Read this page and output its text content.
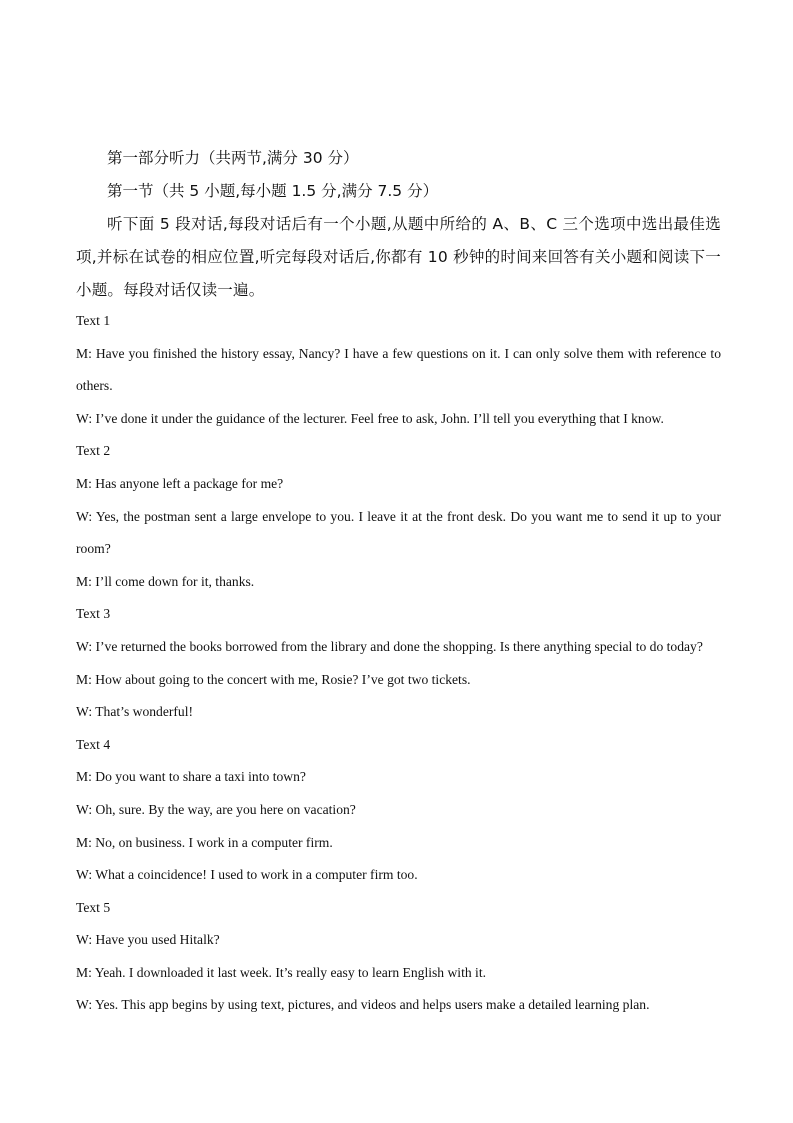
第一部分听力（共两节,满分 30 分）

第一节（共 5 小题,每小题 1.5 分,满分 7.5 分）

听下面 5 段对话,每段对话后有一个小题,从题中所给的 A、B、C 三个选项中选出最佳选项,并标在试卷的相应位置,听完每段对话后,你都有 10 秒钟的时间来回答有关小题和阅读下一小题。每段对话仅读一遍。

Text 1
M: Have you finished the history essay, Nancy? I have a few questions on it. I can only solve them with reference to others.
W: I’ve done it under the guidance of the lecturer. Feel free to ask, John. I’ll tell you everything that I know.
Text 2
M: Has anyone left a package for me?
W: Yes, the postman sent a large envelope to you. I leave it at the front desk. Do you want me to send it up to your room?
M: I’ll come down for it, thanks.
Text 3
W: I’ve returned the books borrowed from the library and done the shopping. Is there anything special to do today?
M: How about going to the concert with me, Rosie? I’ve got two tickets.
W: That’s wonderful!
Text 4
M: Do you want to share a taxi into town?
W: Oh, sure. By the way, are you here on vacation?
M: No, on business. I work in a computer firm.
W: What a coincidence! I used to work in a computer firm too.
Text 5
W: Have you used Hitalk?
M: Yeah. I downloaded it last week. It’s really easy to learn English with it.
W: Yes. This app begins by using text, pictures, and videos and helps users make a detailed learning plan.
